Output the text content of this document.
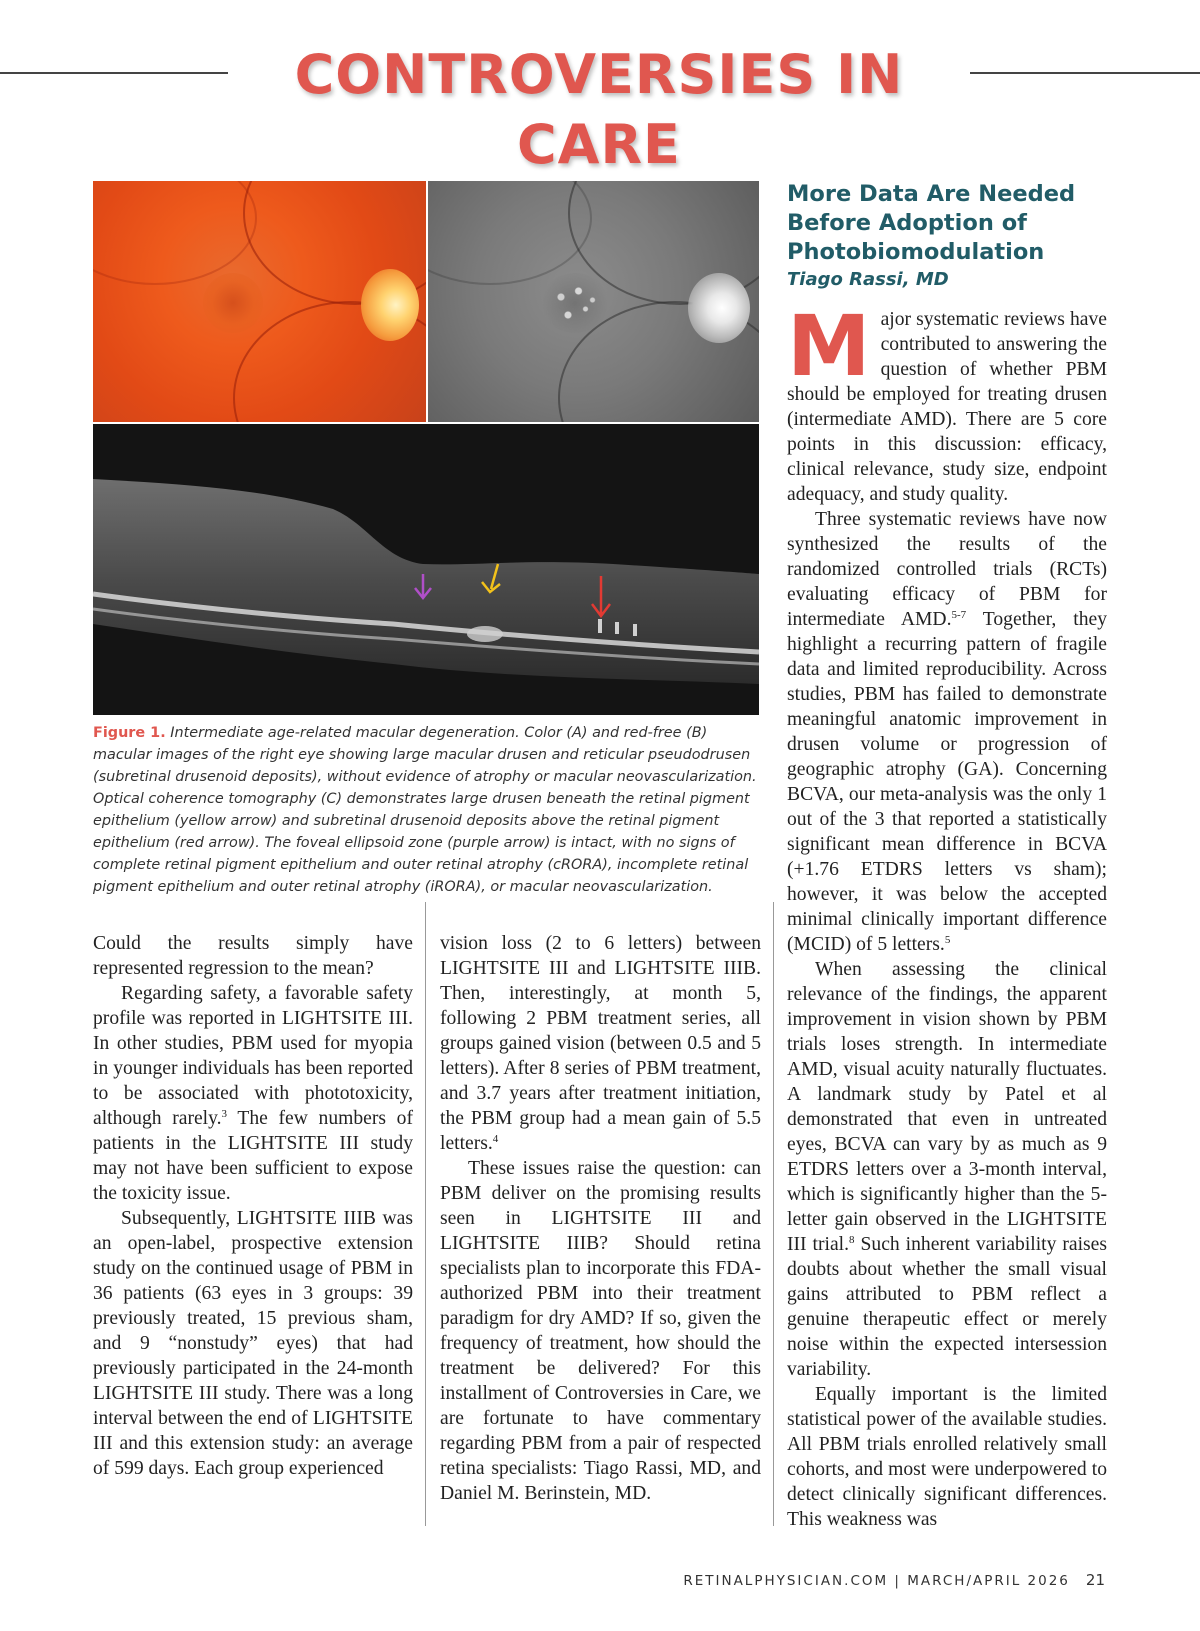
CONTROVERSIES IN CARE

Figure 1. Intermediate age-related macular degeneration. Color (A) and red-free (B) macular images of the right eye showing large macular drusen and reticular pseudodrusen (subretinal drusenoid deposits), without evidence of atrophy or macular neovascularization. Optical coherence tomography (C) demonstrates large drusen beneath the retinal pigment epithelium (yellow arrow) and subretinal drusenoid deposits above the retinal pigment epithelium (red arrow). The foveal ellipsoid zone (purple arrow) is intact, with no signs of complete retinal pigment epithelium and outer retinal atrophy (cRORA), incomplete retinal pigment epithelium and outer retinal atrophy (iRORA), or macular neovascularization.

Could the results simply have represented regression to the mean?

Regarding safety, a favorable safety profile was reported in LIGHTSITE III. In other studies, PBM used for myopia in younger individuals has been reported to be associated with phototoxicity, although rarely.$^3$ The few numbers of patients in the LIGHTSITE III study may not have been sufficient to expose the toxicity issue.

Subsequently, LIGHTSITE IIIB was an open-label, prospective extension study on the continued usage of PBM in 36 patients (63 eyes in 3 groups: 39 previously treated, 15 previous sham, and 9 “nonstudy” eyes) that had previously participated in the 24-month LIGHTSITE III study. There was a long interval between the end of LIGHTSITE III and this extension study: an average of 599 days. Each group experienced

vision loss (2 to 6 letters) between LIGHTSITE III and LIGHTSITE IIIB. Then, interestingly, at month 5, following 2 PBM treatment series, all groups gained vision (between 0.5 and 5 letters). After 8 series of PBM treatment, and 3.7 years after treatment initiation, the PBM group had a mean gain of 5.5 letters.$^4$

These issues raise the question: can PBM deliver on the promising results seen in LIGHTSITE III and LIGHTSITE IIIB? Should retina specialists plan to incorporate this FDA-authorized PBM into their treatment paradigm for dry AMD? If so, given the frequency of treatment, how should the treatment be delivered? For this installment of Controversies in Care, we are fortunate to have commentary regarding PBM from a pair of respected retina specialists: Tiago Rassi, MD, and Daniel M. Berinstein, MD.

More Data Are Needed Before Adoption of Photobiomodulation
Tiago Rassi, MD

Major systematic reviews have contributed to answering the question of whether PBM should be employed for treating drusen (intermediate AMD). There are 5 core points in this discussion: efficacy, clinical relevance, study size, endpoint adequacy, and study quality.

Three systematic reviews have now synthesized the results of the randomized controlled trials (RCTs) evaluating efficacy of PBM for intermediate AMD.$^{5-7}$ Together, they highlight a recurring pattern of fragile data and limited reproducibility. Across studies, PBM has failed to demonstrate meaningful anatomic improvement in drusen volume or progression of geographic atrophy (GA). Concerning BCVA, our meta-analysis was the only 1 out of the 3 that reported a statistically significant mean difference in BCVA (+1.76 ETDRS letters vs sham); however, it was below the accepted minimal clinically important difference (MCID) of 5 letters.$^5$

When assessing the clinical relevance of the findings, the apparent improvement in vision shown by PBM trials loses strength. In intermediate AMD, visual acuity naturally fluctuates. A landmark study by Patel et al demonstrated that even in untreated eyes, BCVA can vary by as much as 9 ETDRS letters over a 3-month interval, which is significantly higher than the 5-letter gain observed in the LIGHTSITE III trial.$^8$ Such inherent variability raises doubts about whether the small visual gains attributed to PBM reflect a genuine therapeutic effect or merely noise within the expected intersession variability.

Equally important is the limited statistical power of the available studies. All PBM trials enrolled relatively small cohorts, and most were underpowered to detect clinically significant differences. This weakness was

RETINALPHYSICIAN.COM | MARCH/APRIL 2026 21
